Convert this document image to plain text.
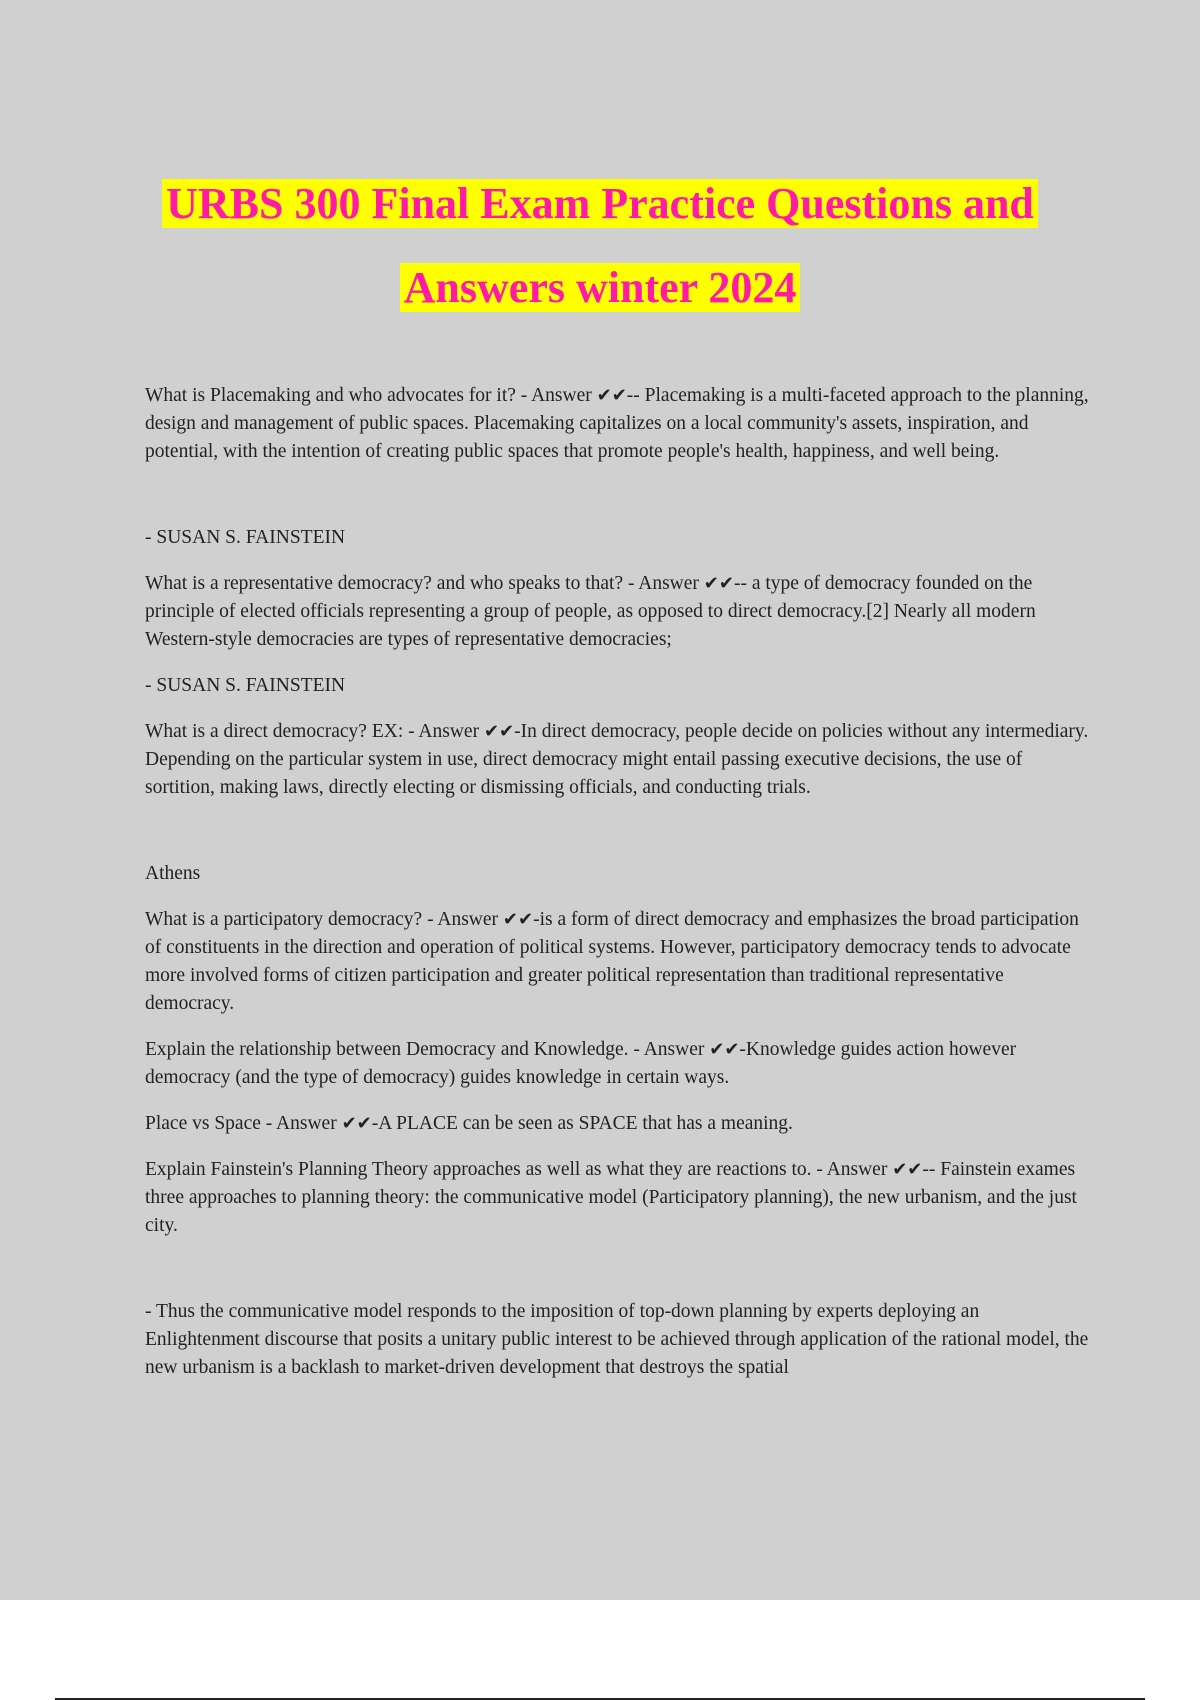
URBS 300 Final Exam Practice Questions and
Answers winter 2024

What is Placemaking and who advocates for it? - Answer ✔✔-- Placemaking is a multi-faceted approach to the planning, design and management of public spaces. Placemaking capitalizes on a local community's assets, inspiration, and potential, with the intention of creating public spaces that promote people's health, happiness, and well being.

- SUSAN S. FAINSTEIN

What is a representative democracy? and who speaks to that? - Answer ✔✔-- a type of democracy founded on the principle of elected officials representing a group of people, as opposed to direct democracy.[2] Nearly all modern Western-style democracies are types of representative democracies;

- SUSAN S. FAINSTEIN

What is a direct democracy? EX: - Answer ✔✔-In direct democracy, people decide on policies without any intermediary. Depending on the particular system in use, direct democracy might entail passing executive decisions, the use of sortition, making laws, directly electing or dismissing officials, and conducting trials.

Athens

What is a participatory democracy? - Answer ✔✔-is a form of direct democracy and emphasizes the broad participation of constituents in the direction and operation of political systems. However, participatory democracy tends to advocate more involved forms of citizen participation and greater political representation than traditional representative democracy.

Explain the relationship between Democracy and Knowledge. - Answer ✔✔-Knowledge guides action however democracy (and the type of democracy) guides knowledge in certain ways.

Place vs Space - Answer ✔✔-A PLACE can be seen as SPACE that has a meaning.

Explain Fainstein's Planning Theory approaches as well as what they are reactions to. - Answer ✔✔-- Fainstein exames three approaches to planning theory: the communicative model (Participatory planning), the new urbanism, and the just city.

- Thus the communicative model responds to the imposition of top-down planning by experts deploying an Enlightenment discourse that posits a unitary public interest to be achieved through application of the rational model, the new urbanism is a backlash to market-driven development that destroys the spatial
